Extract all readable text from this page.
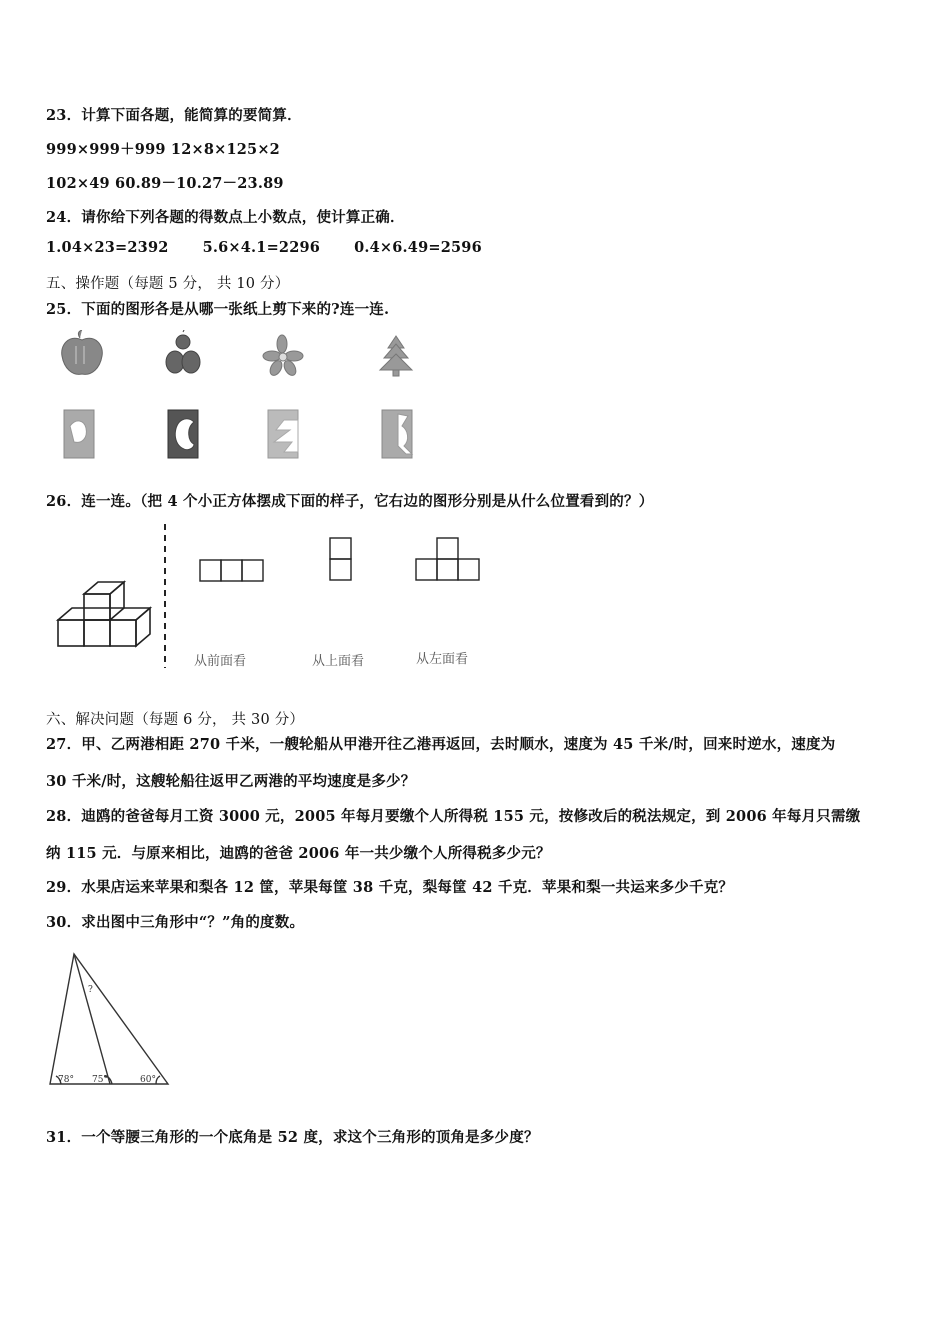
23．计算下面各题，能简算的要简算．
999×999＋999 12×8×125×2
102×49 60.89－10.27－23.89
24．请你给下列各题的得数点上小数点，使计算正确．
1.04×23=2392 5.6×4.1=2296 0.4×6.49=2596
五、操作题（每题 5 分， 共 10 分）
25．下面的图形各是从哪一张纸上剪下来的?连一连.
26．连一连。（把 4 个小正方体摆成下面的样子，它右边的图形分别是从什么位置看到的？）
从前面看	从上面看	从左面看
六、解决问题（每题 6 分， 共 30 分）
27．甲、乙两港相距 270 千米，一艘轮船从甲港开往乙港再返回，去时顺水，速度为 45 千米/时，回来时逆水，速度为
30 千米/时，这艘轮船往返甲乙两港的平均速度是多少？
28．迪鸥的爸爸每月工资 3000 元，2005 年每月要缴个人所得税 155 元，按修改后的税法规定，到 2006 年每月只需缴
纳 115 元．与原来相比，迪鸥的爸爸 2006 年一共少缴个人所得税多少元？
29．水果店运来苹果和梨各 12 筐，苹果每筐 38 千克，梨每筐 42 千克．苹果和梨一共运来多少千克？
30．求出图中三角形中“？”角的度数。
?
78° 75°	60°
31．一个等腰三角形的一个底角是 52 度，求这个三角形的顶角是多少度？
